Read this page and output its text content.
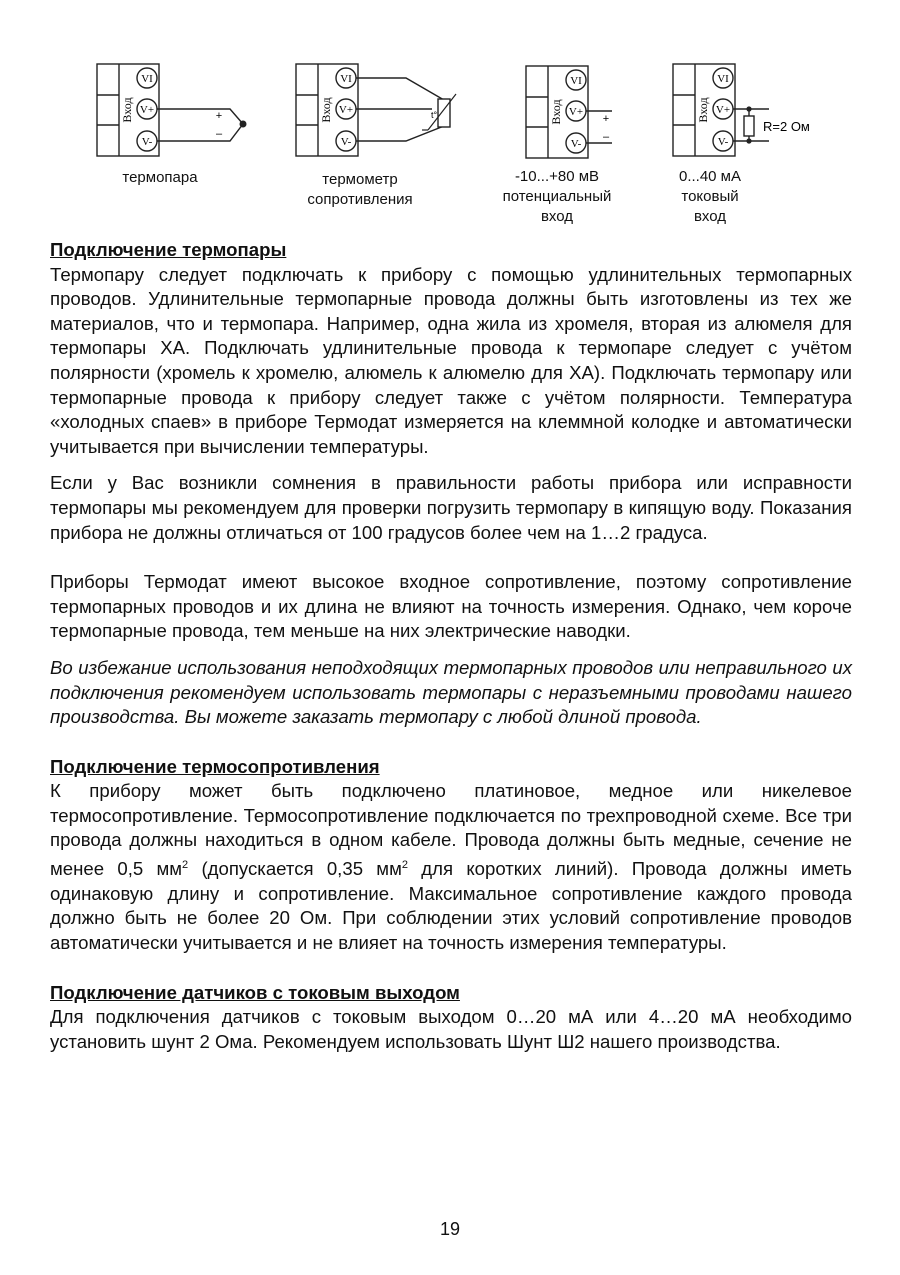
Вход
VI
V+
V-
+
–
Вход
VI
V+
V-
t°	Вход
VI
V+
V-
+
–
Вход
VI
V+
V-
R=2 Ом
термопара	термометр
сопротивления
-10...+80 мВ
потенциальный
вход
0...40 мА
токовый
вход
Подключение термопары

Термопару следует подключать к прибору с помощью удлинительных термопарных проводов. Удлинительные термопарные провода должны быть изготовлены из тех же материалов, что и термопара. Например, одна жила из хромеля, вторая из алюмеля для термопары ХА. Подключать удлинительные провода к термопаре следует с учётом полярности (хромель к хромелю, алюмель к алюмелю для ХА). Подключать термопару или термопарные провода к прибору следует также с учётом полярности. Температура «холодных спаев» в приборе Термодат измеряется на клеммной колодке и автоматически учитывается при вычислении температуры.

Если у Вас возникли сомнения в правильности работы прибора или исправности термопары мы рекомендуем для проверки погрузить термопару в кипящую воду. Показания прибора не должны отличаться от 100 градусов более чем на 1…2 градуса.

Приборы Термодат имеют высокое входное сопротивление, поэтому сопротивление термопарных проводов и их длина не влияют на точность измерения. Однако, чем короче термопарные провода, тем меньше на них электрические наводки.

Во избежание использования неподходящих термопарных проводов или неправильного их подключения рекомендуем использовать термопары с неразъемными проводами нашего производства. Вы можете заказать термопару с любой длиной провода.

Подключение термосопротивления

К прибору может быть подключено платиновое, медное или никелевое термосопротивление. Термосопротивление подключается по трехпроводной схеме. Все три провода должны находиться в одном кабеле. Провода должны быть медные, сечение не менее 0,5 $мм^2$ (допускается 0,35 $мм^2$ для коротких линий). Провода должны иметь одинаковую длину и сопротивление. Максимальное сопротивление каждого провода должно быть не более 20 Ом. При соблюдении этих условий сопротивление проводов автоматически учитывается и не влияет на точность измерения температуры.

Подключение датчиков с токовым выходом

Для подключения датчиков с токовым выходом 0…20 мА или 4…20 мА необходимо установить шунт 2 Ома. Рекомендуем использовать Шунт Ш2 нашего производства.

19
